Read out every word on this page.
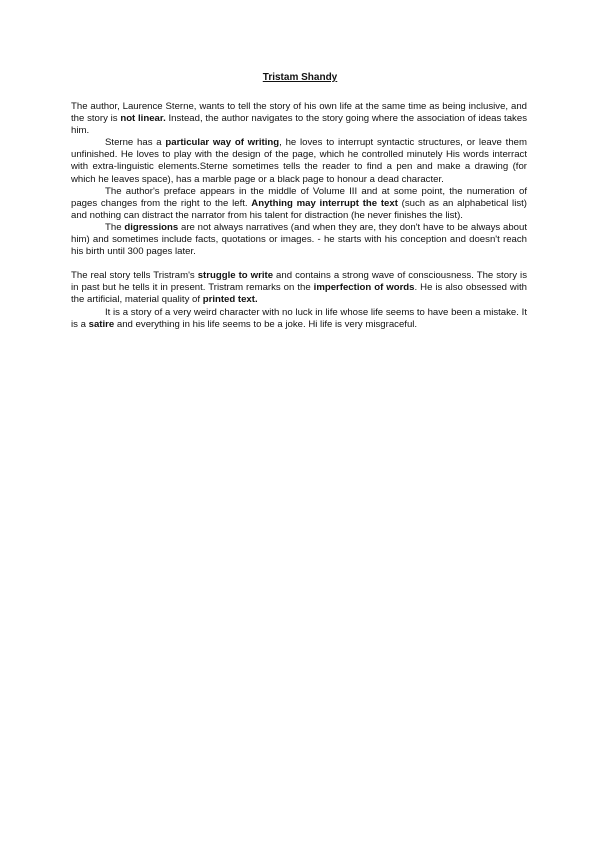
Tristam Shandy

The author, Laurence Sterne, wants to tell the story of his own life at the same time as being inclusive, and the story is not linear. Instead, the author navigates to the story going where the association of ideas takes him.

Sterne has a particular way of writing, he loves to interrupt syntactic structures, or leave them unfinished. He loves to play with the design of the page, which he controlled minutely His words interract with extra-linguistic elements.Sterne sometimes tells the reader to find a pen and make a drawing (for which he leaves space), has a marble page or a black page to honour a dead character.

The author's preface appears in the middle of Volume III and at some point, the numeration of pages changes from the right to the left. Anything may interrupt the text (such as an alphabetical list) and nothing can distract the narrator from his talent for distraction (he never finishes the list).

The digressions are not always narratives (and when they are, they don't have to be always about him) and sometimes include facts, quotations or images. - he starts with his conception and doesn't reach his birth until 300 pages later.

The real story tells Tristram's struggle to write and contains a strong wave of consciousness. The story is in past but he tells it in present. Tristram remarks on the imperfection of words. He is also obsessed with the artificial, material quality of printed text.

It is a story of a very weird character with no luck in life whose life seems to have been a mistake. It is a satire and everything in his life seems to be a joke. Hi life is very misgraceful.
